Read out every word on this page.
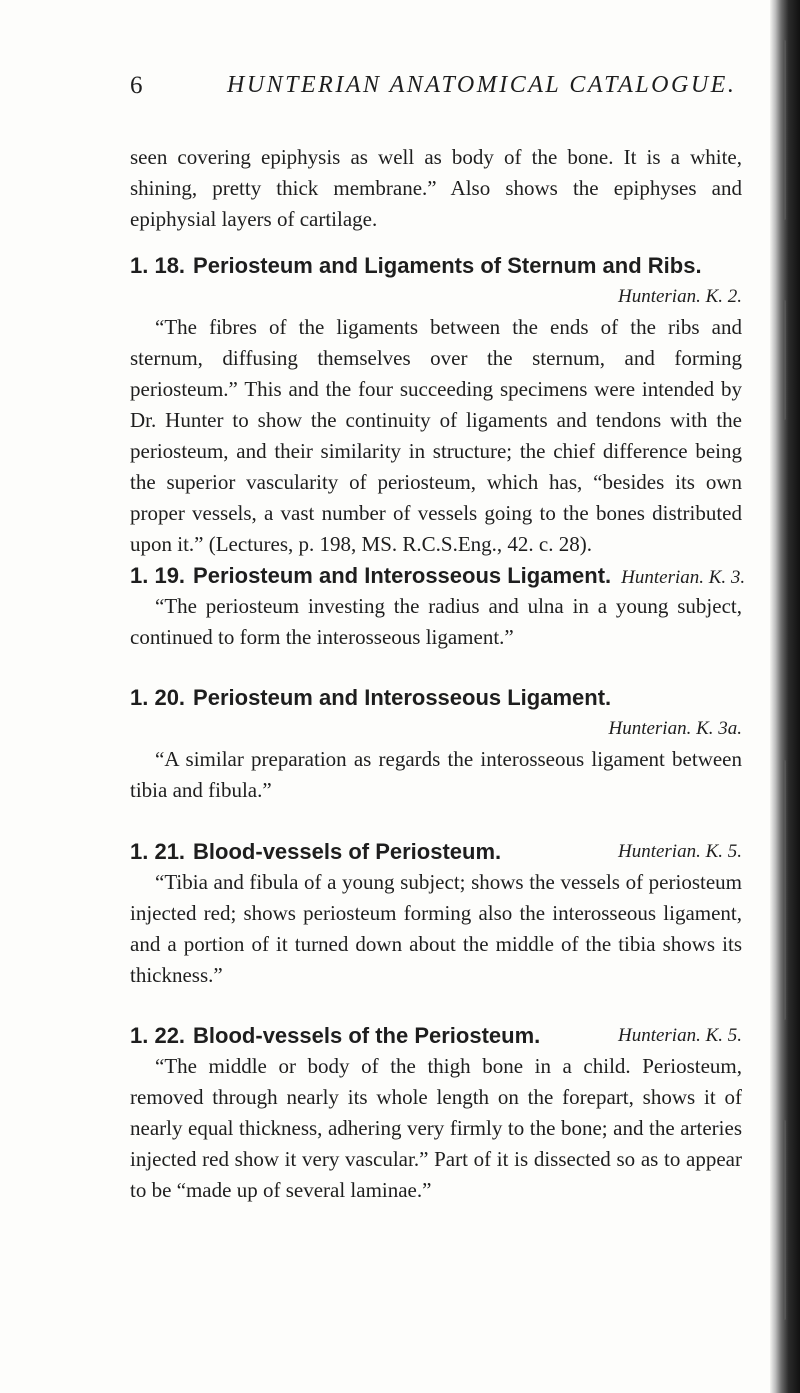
6	HUNTERIAN ANATOMICAL CATALOGUE.

seen covering epiphysis as well as body of the bone. It is a white, shining, pretty thick membrane.” Also shows the epiphyses and epiphysial layers of cartilage.

1. 18. Periosteum and Ligaments of Sternum and Ribs.
Hunterian. K. 2.

“The fibres of the ligaments between the ends of the ribs and sternum, diffusing themselves over the sternum, and forming periosteum.” This and the four succeeding specimens were intended by Dr. Hunter to show the continuity of ligaments and tendons with the periosteum, and their similarity in structure; the chief difference being the superior vascularity of periosteum, which has, “besides its own proper vessels, a vast number of vessels going to the bones distributed upon it.” (Lectures, p. 198, MS. R.C.S.Eng., 42. c. 28).

1. 19. Periosteum and Interosseous Ligament. Hunterian. K. 3.

“The periosteum investing the radius and ulna in a young subject, continued to form the interosseous ligament.”

1. 20. Periosteum and Interosseous Ligament.
Hunterian. K. 3a.

“A similar preparation as regards the interosseous ligament between tibia and fibula.”

1. 21. Blood-vessels of Periosteum.	Hunterian. K. 5.

“Tibia and fibula of a young subject; shows the vessels of periosteum injected red; shows periosteum forming also the interosseous ligament, and a portion of it turned down about the middle of the tibia shows its thickness.”

1. 22. Blood-vessels of the Periosteum.	Hunterian. K. 5.

“The middle or body of the thigh bone in a child. Periosteum, removed through nearly its whole length on the forepart, shows it of nearly equal thickness, adhering very firmly to the bone; and the arteries injected red show it very vascular.” Part of it is dissected so as to appear to be “made up of several laminae.”
